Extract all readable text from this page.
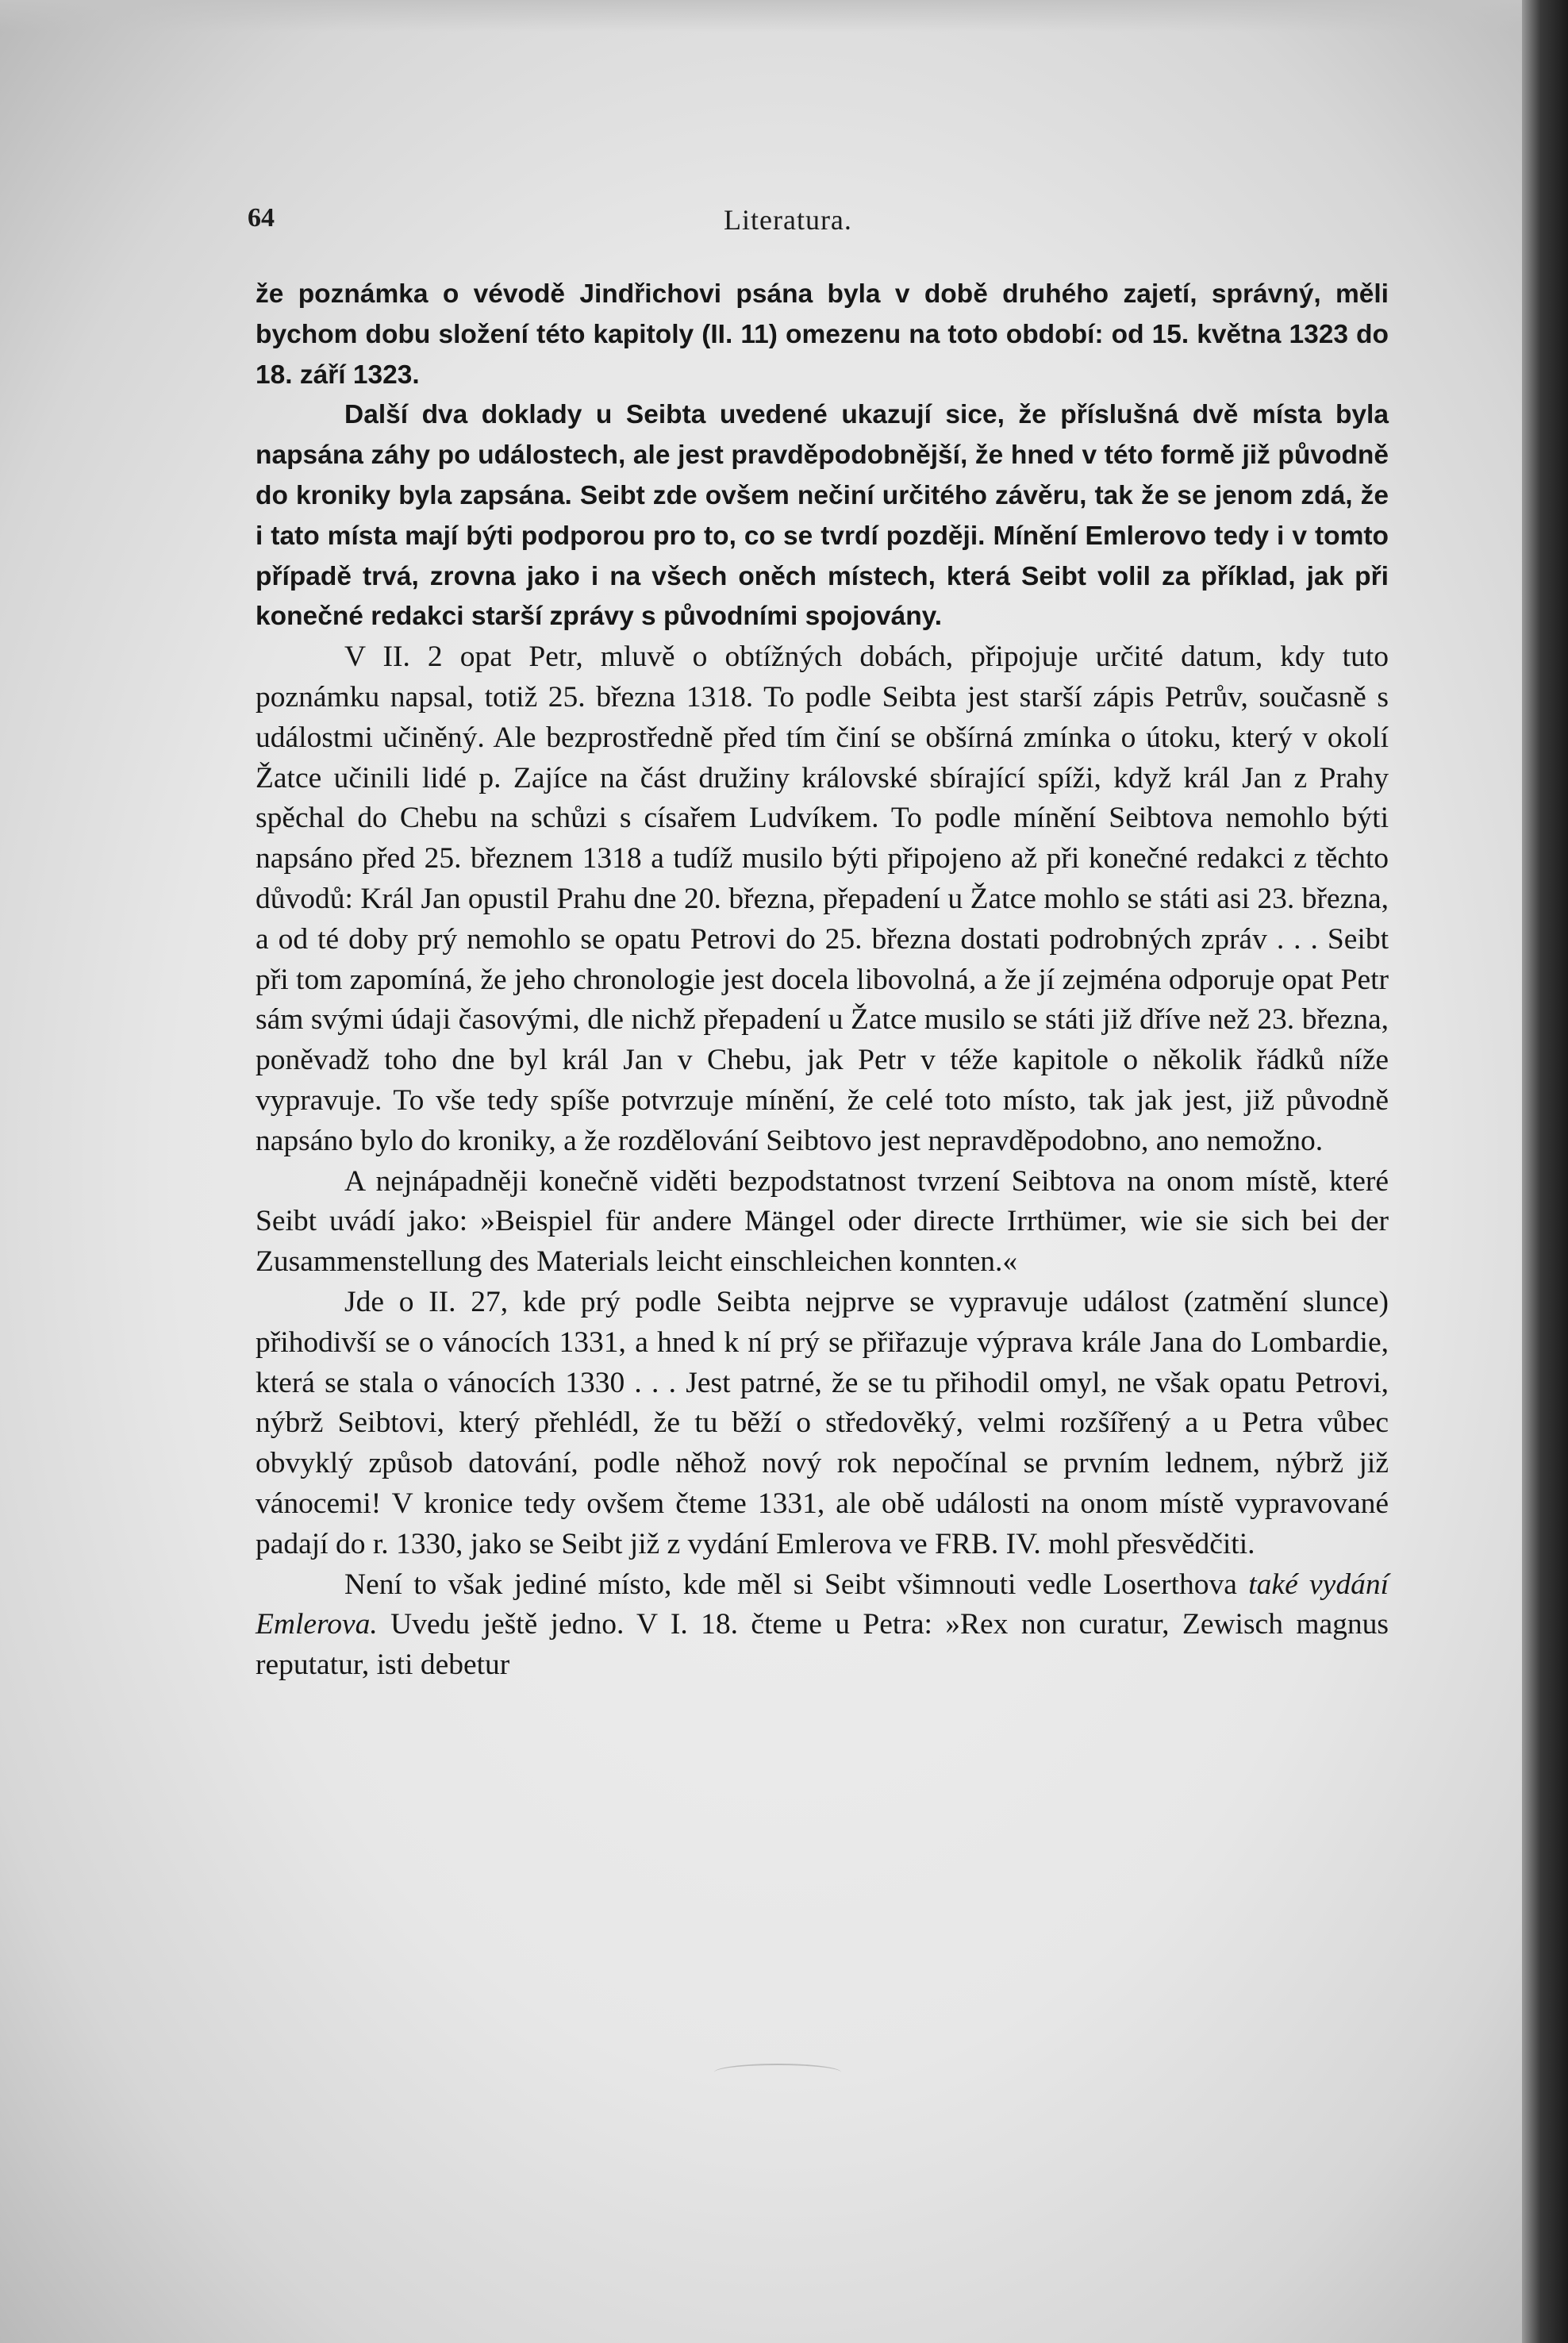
64	Literatura.

že poznámka o vévodě Jindřichovi psána byla v době druhého zajetí, správný, měli bychom dobu složení této kapitoly (II. 11) omezenu na toto období: od 15. května 1323 do 18. září 1323.

Další dva doklady u Seibta uvedené ukazují sice, že příslušná dvě místa byla napsána záhy po událostech, ale jest pravděpodobnější, že hned v této formě již původně do kroniky byla zapsána. Seibt zde ovšem nečiní určitého závěru, tak že se jenom zdá, že i tato místa mají býti podporou pro to, co se tvrdí později. Mínění Emlerovo tedy i v tomto případě trvá, zrovna jako i na všech oněch místech, která Seibt volil za příklad, jak při konečné redakci starší zprávy s původními spojovány.

V II. 2 opat Petr, mluvě o obtížných dobách, připojuje určité datum, kdy tuto poznámku napsal, totiž 25. března 1318. To podle Seibta jest starší zápis Petrův, současně s událostmi učiněný. Ale bezprostředně před tím činí se obšírná zmínka o útoku, který v okolí Žatce učinili lidé p. Zajíce na část družiny královské sbírající spíži, když král Jan z Prahy spěchal do Chebu na schůzi s císařem Ludvíkem. To podle mínění Seibtova nemohlo býti napsáno před 25. březnem 1318 a tudíž musilo býti připojeno až při konečné redakci z těchto důvodů: Král Jan opustil Prahu dne 20. března, přepadení u Žatce mohlo se státi asi 23. března, a od té doby prý nemohlo se opatu Petrovi do 25. března dostati podrobných zpráv . . . Seibt při tom zapomíná, že jeho chronologie jest docela libovolná, a že jí zejména odporuje opat Petr sám svými údaji časovými, dle nichž přepadení u Žatce musilo se státi již dříve než 23. března, poněvadž toho dne byl král Jan v Chebu, jak Petr v téže kapitole o několik řádků níže vypravuje. To vše tedy spíše potvrzuje mínění, že celé toto místo, tak jak jest, již původně napsáno bylo do kroniky, a že rozdělování Seibtovo jest nepravděpodobno, ano nemožno.

A nejnápadněji konečně viděti bezpodstatnost tvrzení Seibtova na onom místě, které Seibt uvádí jako: »Beispiel für andere Mängel oder directe Irrthümer, wie sie sich bei der Zusammenstellung des Materials leicht einschleichen konnten.«

Jde o II. 27, kde prý podle Seibta nejprve se vypravuje událost (zatmění slunce) přihodivší se o vánocích 1331, a hned k ní prý se přiřazuje výprava krále Jana do Lombardie, která se stala o vánocích 1330 . . . Jest patrné, že se tu přihodil omyl, ne však opatu Petrovi, nýbrž Seibtovi, který přehlédl, že tu běží o středověký, velmi rozšířený a u Petra vůbec obvyklý způsob datování, podle něhož nový rok nepočínal se prvním lednem, nýbrž již vánocemi! V kronice tedy ovšem čteme 1331, ale obě události na onom místě vypravované padají do r. 1330, jako se Seibt již z vydání Emlerova ve FRB. IV. mohl přesvědčiti.

Není to však jediné místo, kde měl si Seibt všimnouti vedle Loserthova také vydání Emlerova. Uvedu ještě jedno. V I. 18. čteme u Petra: »Rex non curatur, Zewisch magnus reputatur, isti debetur
